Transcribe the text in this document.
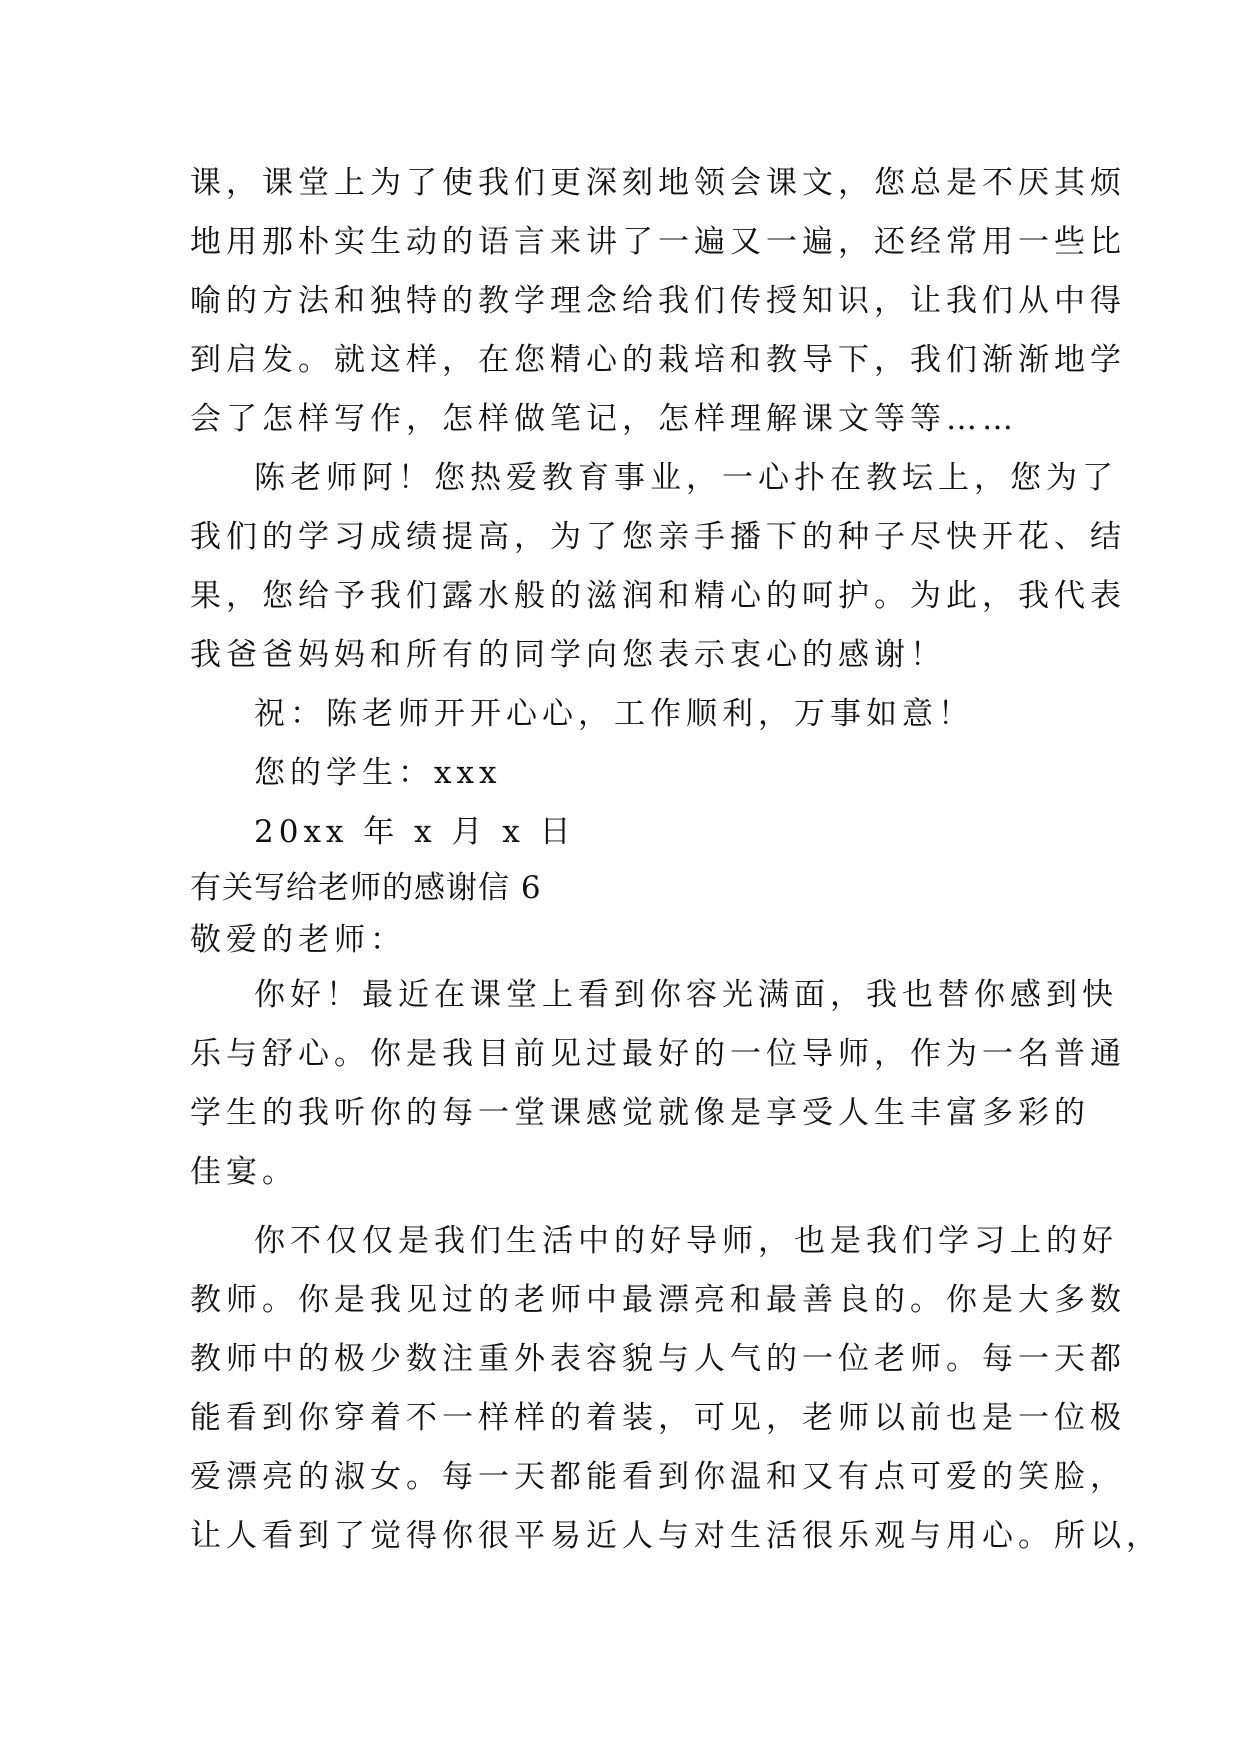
课，课堂上为了使我们更深刻地领会课文，您总是不厌其烦
地用那朴实生动的语言来讲了一遍又一遍，还经常用一些比
喻的方法和独特的教学理念给我们传授知识，让我们从中得
到启发。就这样，在您精心的栽培和教导下，我们渐渐地学
会了怎样写作，怎样做笔记，怎样理解课文等等……
陈老师阿！您热爱教育事业，一心扑在教坛上，您为了
我们的学习成绩提高，为了您亲手播下的种子尽快开花、结
果，您给予我们露水般的滋润和精心的呵护。为此，我代表
我爸爸妈妈和所有的同学向您表示衷心的感谢！
祝：陈老师开开心心，工作顺利，万事如意！
您的学生：xxx
20xx 年 x 月 x 日
有关写给老师的感谢信 6
敬爱的老师：
你好！最近在课堂上看到你容光满面，我也替你感到快
乐与舒心。你是我目前见过最好的一位导师，作为一名普通
学生的我听你的每一堂课感觉就像是享受人生丰富多彩的
佳宴。
你不仅仅是我们生活中的好导师，也是我们学习上的好
教师。你是我见过的老师中最漂亮和最善良的。你是大多数
教师中的极少数注重外表容貌与人气的一位老师。每一天都
能看到你穿着不一样样的着装，可见，老师以前也是一位极
爱漂亮的淑女。每一天都能看到你温和又有点可爱的笑脸，
让人看到了觉得你很平易近人与对生活很乐观与用心。所以，
